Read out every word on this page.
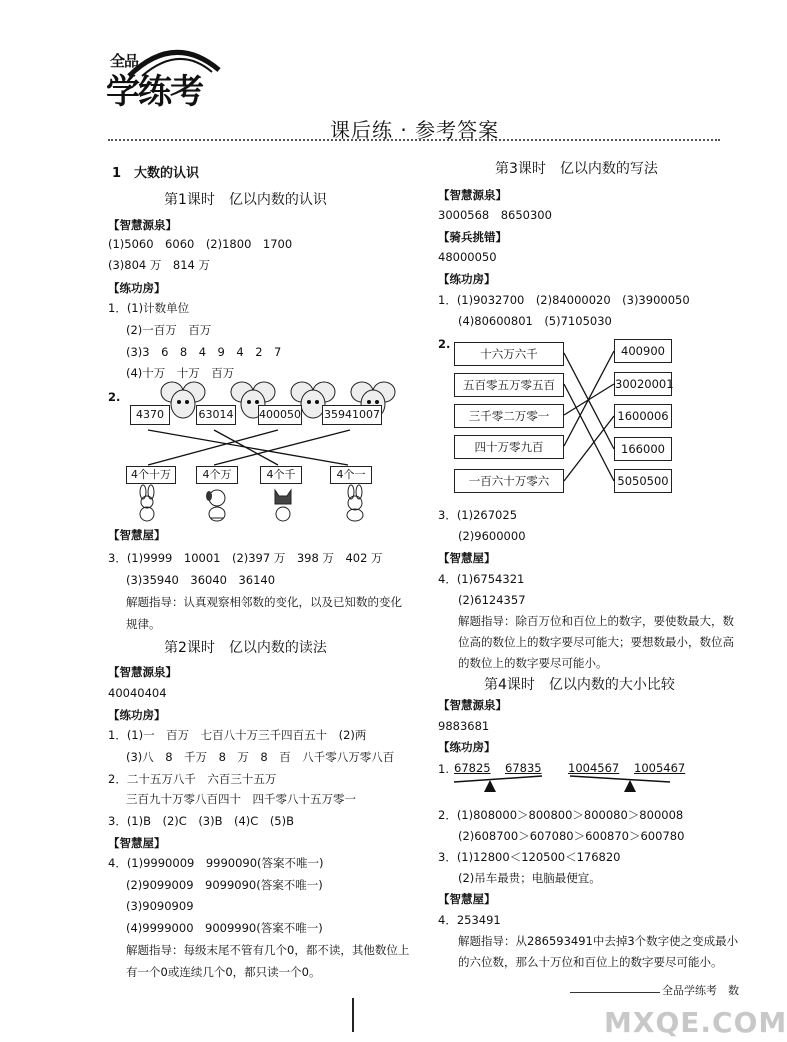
全品
学练考
课后练 · 参考答案
1　大数的认识
第1课时　亿以内数的认识
【智慧源泉】
(1)5060　6060　(2)1800　1700
(3)804 万　814 万
【练功房】
1．(1)计数单位
(2)一百万　百万
(3)3　6　8　4　9　4　2　7
(4)十万　十万　百万
2.
4370	63014 400050 35941007
4个十万	4个万	4个千	4个一
【智慧屋】
3．(1)9999　10001　(2)397 万　398 万　402 万
(3)35940　36040　36140
解题指导：认真观察相邻数的变化，以及已知数的变化
规律。
第2课时　亿以内数的读法
【智慧源泉】
40040404
【练功房】
1．(1)一　百万　七百八十万三千四百五十　(2)两
(3)八　8　千万　8　万　8　百　八千零八万零八百
2．二十五万八千　六百三十五万
三百九十万零八百四十　四千零八十五万零一
3．(1)B　(2)C　(3)B　(4)C　(5)B
【智慧屋】
4．(1)9990009　9990090(答案不唯一)
(2)9099009　9099090(答案不唯一)
(3)9090909
(4)9999000　9009990(答案不唯一)
解题指导：每级末尾不管有几个0，都不读，其他数位上
有一个0或连续几个0，都只读一个0。
第3课时　亿以内数的写法
【智慧源泉】
3000568　8650300
【骑兵挑错】
48000050
【练功房】
1．(1)9032700　(2)84000020　(3)3900050
(4)80600801　(5)7105030
2.
十六万六千
五百零五万零五百
三千零二万零一
四十万零九百
一百六十万零六
400900
30020001
1600006
166000
5050500
3．(1)267025
(2)9600000
【智慧屋】
4．(1)6754321
(2)6124357
解题指导：除百万位和百位上的数字，要使数最大，数
位高的数位上的数字要尽可能大；要想数最小，数位高
的数位上的数字要尽可能小。
第4课时　亿以内数的大小比较
【智慧源泉】
9883681
【练功房】
1. 67825 67835 1004567 1005467
2．(1)808000＞800800＞800080＞800008
(2)608700＞607080＞600870＞600780
3．(1)12800＜120500＜176820
(2)吊车最贵；电脑最便宜。
【智慧屋】
4．253491
解题指导：从286593491中去掉3个数字使之变成最小
的六位数，那么十万位和百位上的数字要尽可能小。
全品学练考　数
MXQE.COM
